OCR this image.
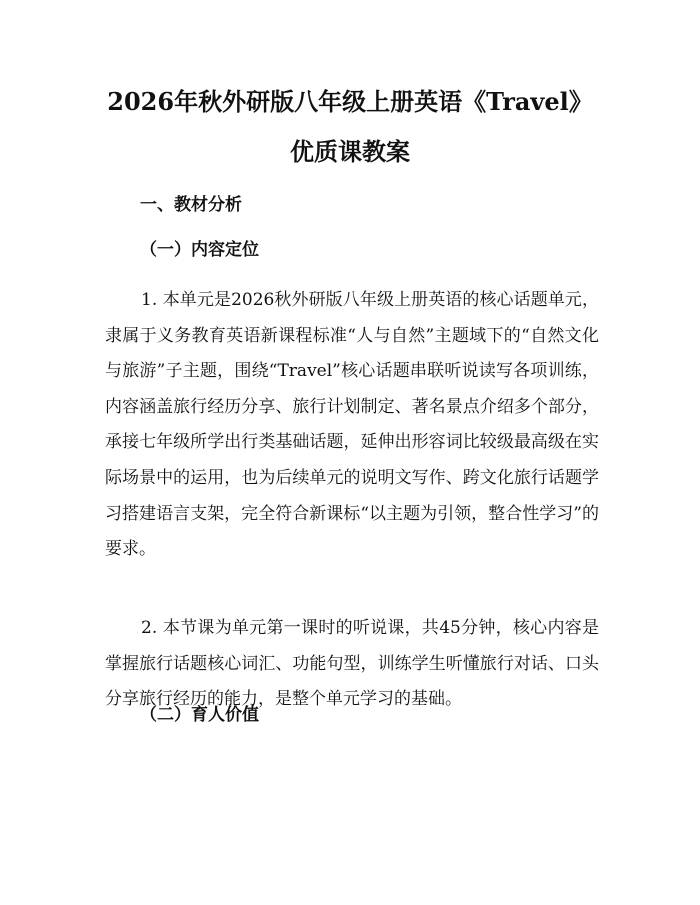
2026年秋外研版八年级上册英语《Travel》
优质课教案
一、教材分析
（一）内容定位

1. 本单元是2026秋外研版八年级上册英语的核心话题单元，隶属于义务教育英语新课程标准“人与自然”主题域下的“自然文化与旅游”子主题，围绕“Travel”核心话题串联听说读写各项训练，内容涵盖旅行经历分享、旅行计划制定、著名景点介绍多个部分，承接七年级所学出行类基础话题，延伸出形容词比较级最高级在实际场景中的运用，也为后续单元的说明文写作、跨文化旅行话题学习搭建语言支架，完全符合新课标“以主题为引领，整合性学习”的要求。

2. 本节课为单元第一课时的听说课，共45分钟，核心内容是掌握旅行话题核心词汇、功能句型，训练学生听懂旅行对话、口头分享旅行经历的能力，是整个单元学习的基础。

（二）育人价值
